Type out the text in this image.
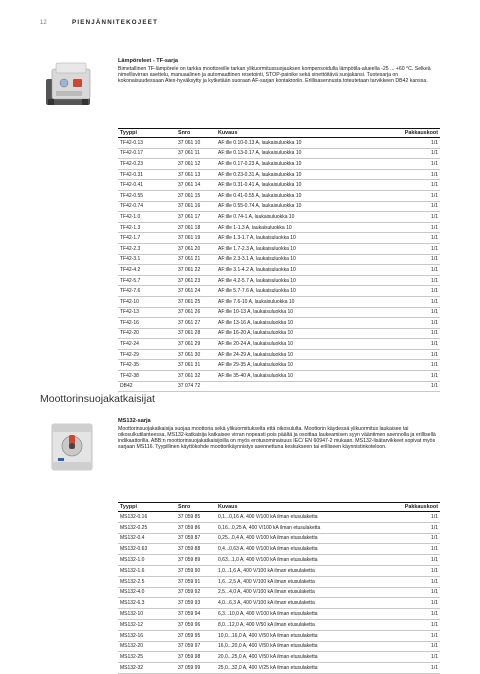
12	PIENJÄNNITEKOJEET
Lämpöreleet - TF-sarja
Bimetallinen TF-lämpörele on tarkka moottoreille tarkan ylikuormitussuojauksen kompensoidulla lämpötila-alueella -25 ... +60 °C. Selkeä nimellisvirran asettelu, manuaalinen ja automaattinen resetointi, STOP-painike sekä sinettöitävä suojakansi. Tuotesarja on kokonaisuudessaan Atex-hyväksytty ja kytketään suoraan AF-sarjan kontaktoriin. Erillisasennusta toteutetaan tarvikkeen DB42 kanssa.
Tyyppi	Snro	Kuvaus	Pakkauskoot
TF42-0.13	37 061 10	AF:ille 0.10-0.13 A, laukaisuluokka 10	1/1
TF42-0.17	37 061 11	AF:ille 0.13-0.17 A, laukaisuluokka 10	1/1
TF42-0.23	37 061 12	AF:ille 0.17-0.23 A, laukaisuluokka 10	1/1
TF42-0.31	37 061 13	AF:ille 0.23-0.31 A, laukaisuluokka 10	1/1
TF42-0.41	37 061 14	AF:ille 0.31-0.41 A, laukaisuluokka 10	1/1
TF42-0.55	37 061 15	AF:ille 0.41-0.55 A, laukaisuluokka 10	1/1
TF42-0.74	37 061 16	AF:ille 0.55-0.74 A, laukaisuluokka 10	1/1
TF42-1.0	37 061 17	AF:ille 0.74-1 A, laukaisuluokka 10	1/1
TF42-1.3	37 061 18	AF:ille 1-1.3 A, laukaisuluokka 10	1/1
TF42-1.7	37 061 19	AF:ille 1.3-1.7 A, laukaisuluokka 10	1/1
TF42-2.3	37 061 20	AF:ille 1.7-2.3 A, laukaisuluokka 10	1/1
TF42-3.1	37 061 21	AF:ille 2.3-3.1 A, laukaisuluokka 10	1/1
TF42-4.2	37 061 22	AF:ille 3.1-4.2 A, laukaisuluokka 10	1/1
TF42-5.7	37 061 23	AF:ille 4.2-5.7 A, laukaisuluokka 10	1/1
TF42-7.6	37 061 24	AF:ille 5.7-7.6 A, laukaisuluokka 10	1/1
TF42-10	37 061 25	AF:ille 7.6-10 A, laukaisuluokka 10	1/1
TF42-13	37 061 26	AF:ille 10-13 A, laukaisuluokka 10	1/1
TF42-16	37 061 27	AF:ille 13-16 A, laukaisuluokka 10	1/1
TF42-20	37 061 28	AF:ille 16-20 A, laukaisuluokka 10	1/1
TF42-24	37 061 29	AF:ille 20-24 A, laukaisuluokka 10	1/1
TF42-29	37 061 30	AF:ille 24-29 A, laukaisuluokka 10	1/1
TF42-35	37 061 31	AF:ille 29-35 A, laukaisuluokka 10	1/1
TF42-38	37 061 32	AF:ille 35-40 A, laukaisuluokka 10	1/1
DB42	37 074 72		1/1
Moottorinsuojakatkaisijat
MS132-sarja
Moottorinsuojakatkaisija suojaa moottoria sekä ylikuormitukselta että oikosululta. Moottorin käydessä ylikuormitus laukaisee tai oikosulkutilanteessa, MS132-katkaisija katkaisee virran nopeasti pois päältä ja osoittaa laukeamisen syyn vääntimen asennolla ja erillisellä indikaattorilla. ABB:n moottorinsuojakatkaisijoilla on myös erotusominaisuus IEC/ EN 60947-2 mukaan. MS132-lisätarvikkeet sopivat myös sarjaan MS116. Tyypillinen käyttökohde moottorikäynnistys asennettuna keskukseen tai erilliseen käynnistinkoteloon.
Tyyppi	Snro	Kuvaus	Pakkauskoot
MS132-0.16	37 059 85	0,1...0,16 A, 400 V/100 kA ilman etusulaketta	1/1
MS132-0.25	37 059 86	0,16...0,25 A, 400 V/100 kA ilman etusulaketta	1/1
MS132-0.4	37 059 87	0,25...0,4 A, 400 V/100 kA ilman etusulaketta	1/1
MS132-0.63	37 059 88	0,4...0,63 A, 400 V/100 kA ilman etusulaketta	1/1
MS132-1.0	37 059 89	0,63...1,0 A, 400 V/100 kA ilman etusulaketta	1/1
MS132-1.6	37 059 90	1,0...1,6 A, 400 V/100 kA ilman etusulaketta	1/1
MS132-2.5	37 059 91	1,6...2,5 A, 400 V/100 kA ilman etusulaketta	1/1
MS132-4.0	37 059 92	2,5...4,0 A, 400 V/100 kA ilman etusulaketta	1/1
MS132-6.3	37 059 93	4,0...6,3 A, 400 V/100 kA ilman etusulaketta	1/1
MS132-10	37 059 94	6,3...10,0 A, 400 V/100 kA ilman etusulaketta	1/1
MS132-12	37 059 96	8,0...12,0 A, 400 V/50 kA ilman etusulaketta	1/1
MS132-16	37 059 95	10,0...16,0 A, 400 V/50 kA ilman etusulaketta	1/1
MS132-20	37 059 97	16,0...20,0 A, 400 V/50 kA ilman etusulaketta	1/1
MS132-25	37 059 98	20,0...25,0 A, 400 V/50 kA ilman etusulaketta	1/1
MS132-32	37 059 99	25,0...32,0 A, 400 V/25 kA ilman etusulaketta	1/1
